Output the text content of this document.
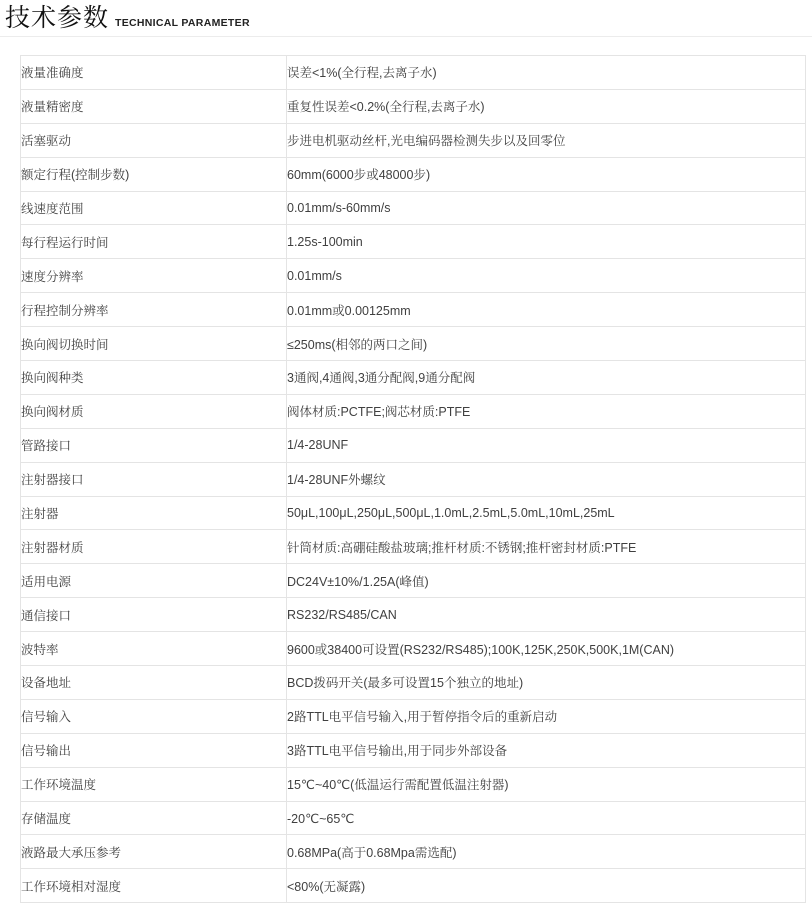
技术参数 TECHNICAL PARAMETER
液量准确度	误差<1%(全行程,去离子水)
液量精密度	重复性误差<0.2%(全行程,去离子水)
活塞驱动	步进电机驱动丝杆,光电编码器检测失步以及回零位
额定行程(控制步数)	60mm(6000步或48000步)
线速度范围	0.01mm/s-60mm/s
每行程运行时间	1.25s-100min
速度分辨率	0.01mm/s
行程控制分辨率	0.01mm或0.00125mm
换向阀切换时间	≤250ms(相邻的两口之间)
换向阀种类	3通阀,4通阀,3通分配阀,9通分配阀
换向阀材质	阀体材质:PCTFE;阀芯材质:PTFE
管路接口	1/4-28UNF
注射器接口	1/4-28UNF外螺纹
注射器	50μL,100μL,250μL,500μL,1.0mL,2.5mL,5.0mL,10mL,25mL
注射器材质	针筒材质:高硼硅酸盐玻璃;推杆材质:不锈钢;推杆密封材质:PTFE
适用电源	DC24V±10%/1.25A(峰值)
通信接口	RS232/RS485/CAN
波特率	9600或38400可设置(RS232/RS485);100K,125K,250K,500K,1M(CAN)
设备地址	BCD拨码开关(最多可设置15个独立的地址)
信号输入	2路TTL电平信号输入,用于暂停指令后的重新启动
信号输出	3路TTL电平信号输出,用于同步外部设备
工作环境温度	15℃~40℃(低温运行需配置低温注射器)
存储温度	-20℃~65℃
液路最大承压参考	0.68MPa(高于0.68Mpa需选配)
工作环境相对湿度	<80%(无凝露)
